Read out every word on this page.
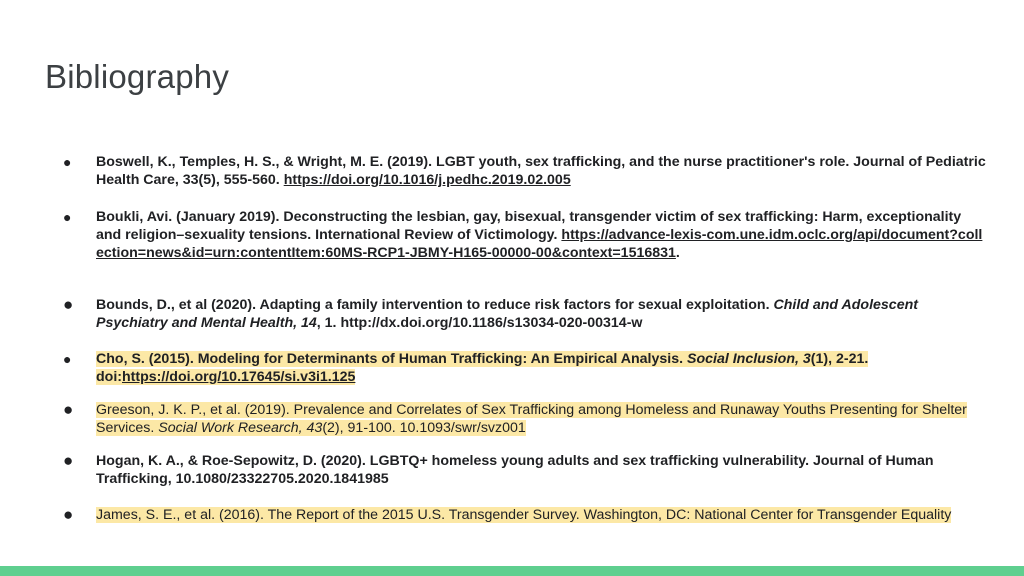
Bibliography
● Boswell, K., Temples, H. S., & Wright, M. E. (2019). LGBT youth, sex trafficking, and the nurse practitioner's role. Journal of Pediatric Health Care, 33(5), 555-560. https://doi.org/10.1016/j.pedhc.2019.02.005
● Boukli, Avi. (January 2019). Deconstructing the lesbian, gay, bisexual, transgender victim of sex trafficking: Harm, exceptionality and religion–sexuality tensions. International Review of Victimology. https://advance-lexis-com.une.idm.oclc.org/api/document?collection=news&id=urn:contentItem:60MS-RCP1-JBMY-H165-00000-00&context=1516831.
● Bounds, D., et al (2020). Adapting a family intervention to reduce risk factors for sexual exploitation. Child and Adolescent Psychiatry and Mental Health, 14, 1. http://dx.doi.org/10.1186/s13034-020-00314-w
● Cho, S. (2015). Modeling for Determinants of Human Trafficking: An Empirical Analysis. Social Inclusion, 3(1), 2-21. doi:https://doi.org/10.17645/si.v3i1.125
● Greeson, J. K. P., et al. (2019). Prevalence and Correlates of Sex Trafficking among Homeless and Runaway Youths Presenting for Shelter Services. Social Work Research, 43(2), 91-100. 10.1093/swr/svz001
● Hogan, K. A., & Roe-Sepowitz, D. (2020). LGBTQ+ homeless young adults and sex trafficking vulnerability. Journal of Human Trafficking, 10.1080/23322705.2020.1841985
● James, S. E., et al. (2016). The Report of the 2015 U.S. Transgender Survey. Washington, DC: National Center for Transgender Equality
